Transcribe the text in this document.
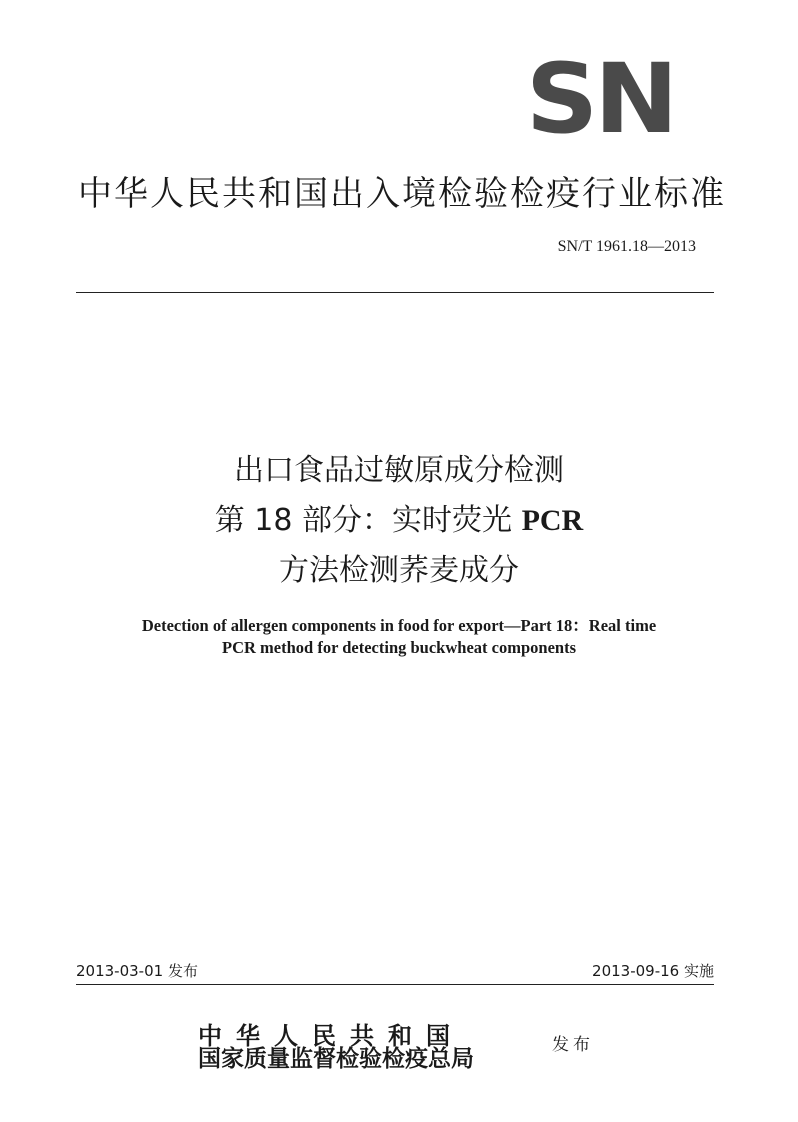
SN
中华人民共和国出入境检验检疫行业标准
SN/T 1961.18—2013
出口食品过敏原成分检测
第 18 部分：实时荧光 PCR
方法检测荞麦成分
Detection of allergen components in food for export—Part 18：Real time
PCR method for detecting buckwheat components
2013-03-01 发布	2013-09-16 实施
中华人民共和国
国家质量监督检验检疫总局	发布
